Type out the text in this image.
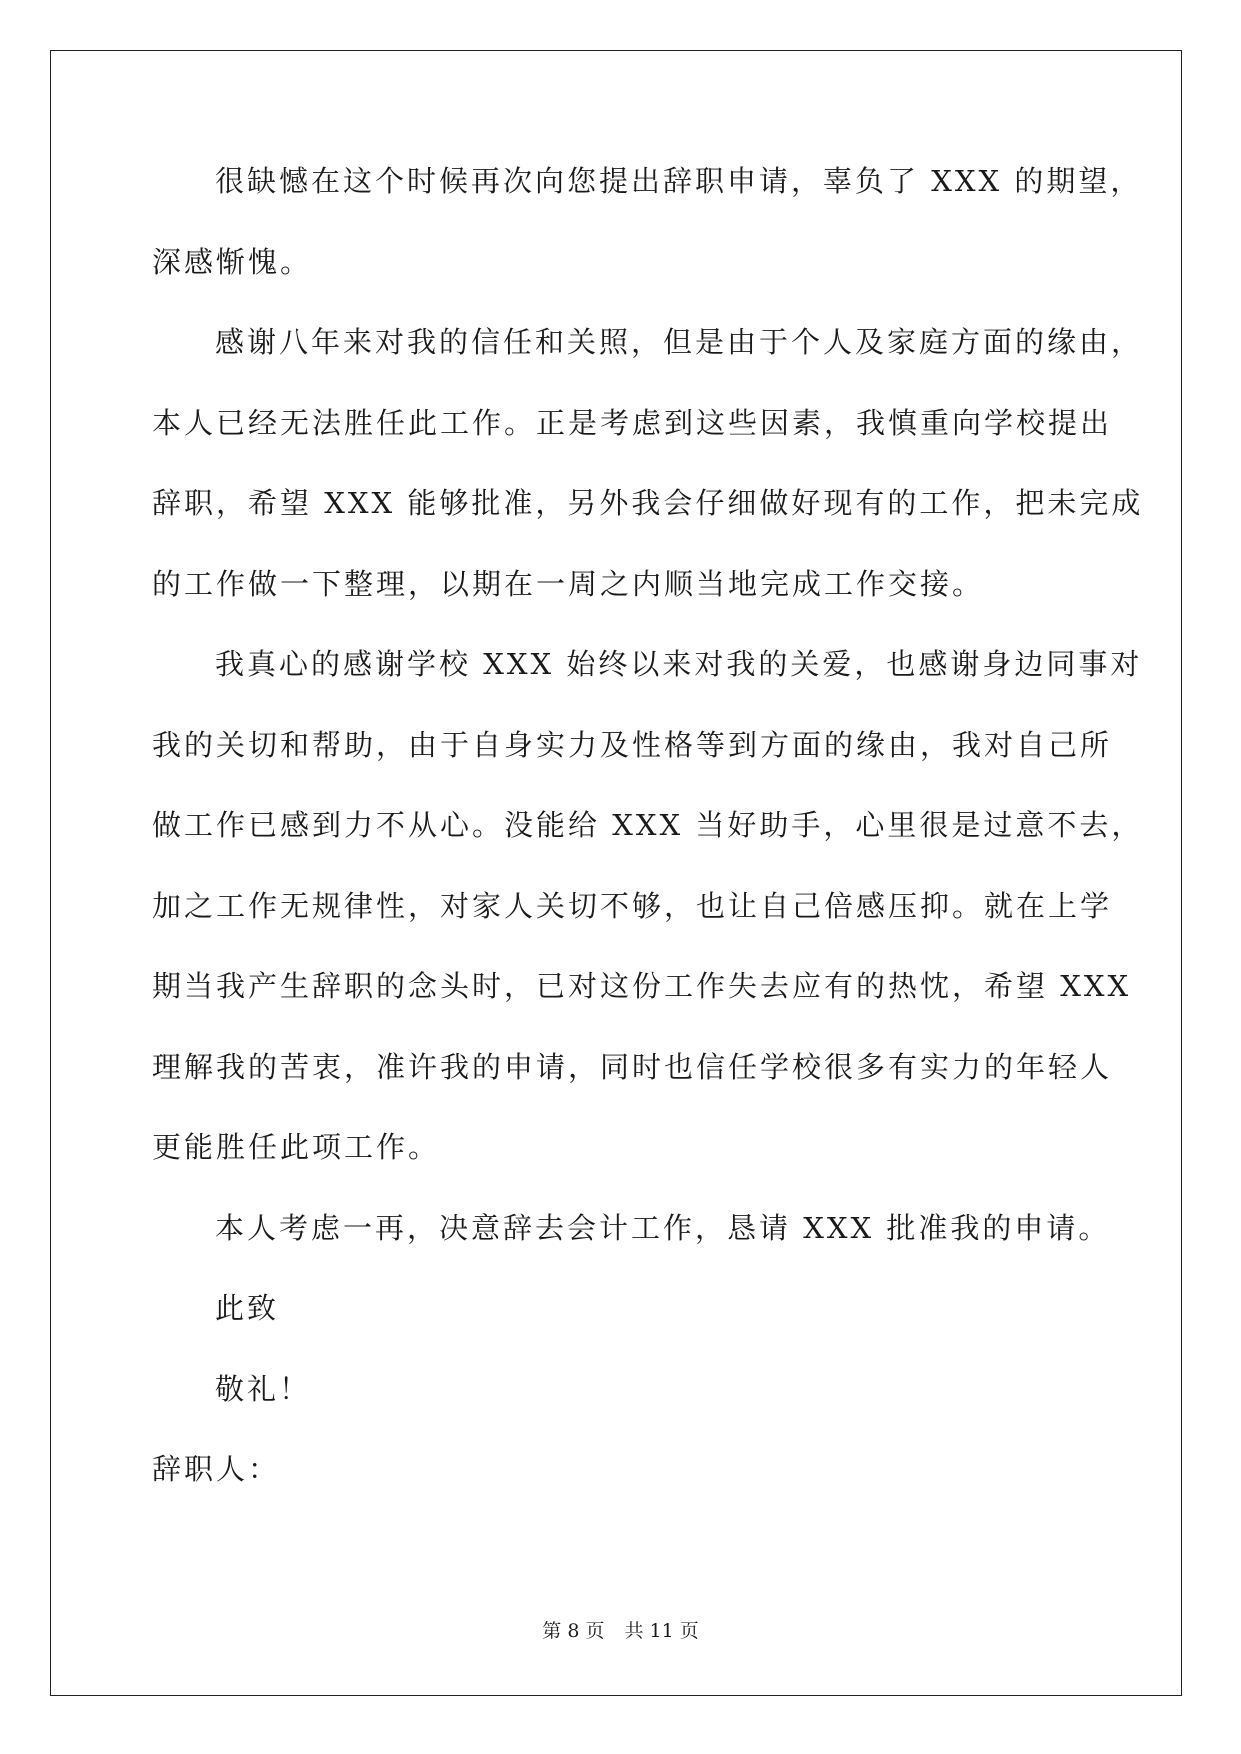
很缺憾在这个时候再次向您提出辞职申请，辜负了 XXX 的期望，
深感惭愧。
感谢八年来对我的信任和关照，但是由于个人及家庭方面的缘由，
本人已经无法胜任此工作。正是考虑到这些因素，我慎重向学校提出
辞职，希望 XXX 能够批准，另外我会仔细做好现有的工作，把未完成
的工作做一下整理，以期在一周之内顺当地完成工作交接。
我真心的感谢学校 XXX 始终以来对我的关爱，也感谢身边同事对
我的关切和帮助，由于自身实力及性格等到方面的缘由，我对自己所
做工作已感到力不从心。没能给 XXX 当好助手，心里很是过意不去，
加之工作无规律性，对家人关切不够，也让自己倍感压抑。就在上学
期当我产生辞职的念头时，已对这份工作失去应有的热忱，希望 XXX
理解我的苦衷，准许我的申请，同时也信任学校很多有实力的年轻人
更能胜任此项工作。
本人考虑一再，决意辞去会计工作，恳请 XXX 批准我的申请。
此致
敬礼！
辞职人：
第 8 页 共 11 页
